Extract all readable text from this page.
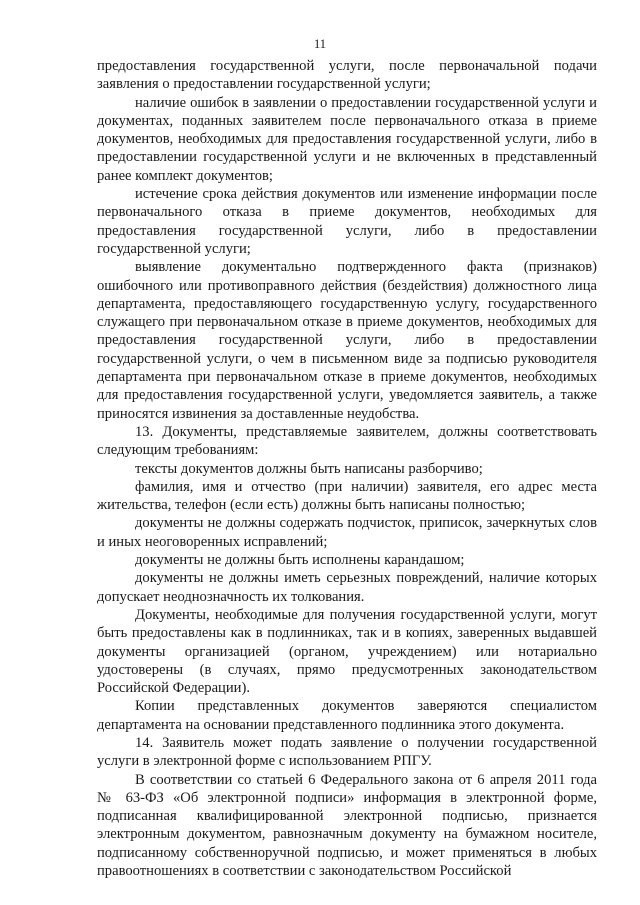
11

предоставления государственной услуги, после первоначальной подачи заявления о предоставлении государственной услуги;

наличие ошибок в заявлении о предоставлении государственной услуги и документах, поданных заявителем после первоначального отказа в приеме документов, необходимых для предоставления государственной услуги, либо в предоставлении государственной услуги и не включенных в представленный ранее комплект документов;

истечение срока действия документов или изменение информации после первоначального отказа в приеме документов, необходимых для предоставления государственной услуги, либо в предоставлении государственной услуги;

выявление документально подтвержденного факта (признаков) ошибочного или противоправного действия (бездействия) должностного лица департамента, предоставляющего государственную услугу, государственного служащего при первоначальном отказе в приеме документов, необходимых для предоставления государственной услуги, либо в предоставлении государственной услуги, о чем в письменном виде за подписью руководителя департамента при первоначальном отказе в приеме документов, необходимых для предоставления государственной услуги, уведомляется заявитель, а также приносятся извинения за доставленные неудобства.

13. Документы, представляемые заявителем, должны соответствовать следующим требованиям:

тексты документов должны быть написаны разборчиво;

фамилия, имя и отчество (при наличии) заявителя, его адрес места жительства, телефон (если есть) должны быть написаны полностью;

документы не должны содержать подчисток, приписок, зачеркнутых слов и иных неоговоренных исправлений;

документы не должны быть исполнены карандашом;

документы не должны иметь серьезных повреждений, наличие которых допускает неоднозначность их толкования.

Документы, необходимые для получения государственной услуги, могут быть предоставлены как в подлинниках, так и в копиях, заверенных выдавшей документы организацией (органом, учреждением) или нотариально удостоверены (в случаях, прямо предусмотренных законодательством Российской Федерации).

Копии представленных документов заверяются специалистом департамента на основании представленного подлинника этого документа.

14. Заявитель может подать заявление о получении государственной услуги в электронной форме с использованием РПГУ.

В соответствии со статьей 6 Федерального закона от 6 апреля 2011 года № 63-ФЗ «Об электронной подписи» информация в электронной форме, подписанная квалифицированной электронной подписью, признается электронным документом, равнозначным документу на бумажном носителе, подписанному собственноручной подписью, и может применяться в любых правоотношениях в соответствии с законодательством Российской
